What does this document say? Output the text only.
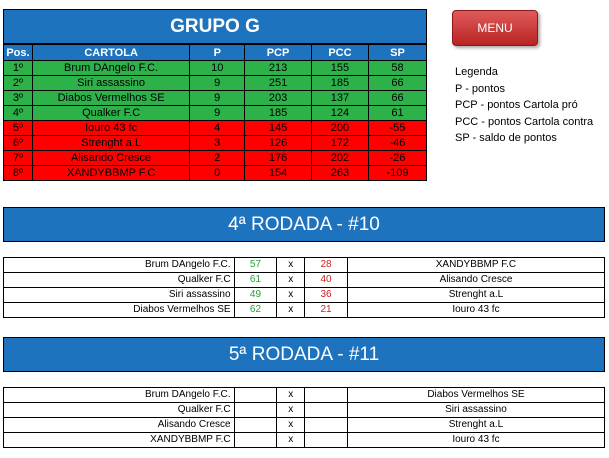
GRUPO G	MENU
Pos.	CARTOLA	P	PCP	PCC	SP
1º	Brum DAngelo F.C.	10	213	155	58
2º	Siri assassino	9	251	185	66
3º	Diabos Vermelhos SE	9	203	137	66
4º	Qualker F.C	9	185	124	61
5º	Iouro 43 fc	4	145	200	-55
6º	Strenght a.L	3	126	172	-46
7º	Alisando Cresce	2	176	202	-26
8º	XANDYBBMP F.C	0	154	263	-109
Legenda
P - pontos
PCP - pontos Cartola pró
PCC - pontos Cartola contra
SP - saldo de pontos
4ª RODADA - #10
Brum DAngelo F.C.	57	x	28	XANDYBBMP F.C
Qualker F.C	61	x	40	Alisando Cresce
Siri assassino	49	x	36	Strenght a.L
Diabos Vermelhos SE	62	x	21	Iouro 43 fc
5ª RODADA - #11
Brum DAngelo F.C.		x		Diabos Vermelhos SE
Qualker F.C		x		Siri assassino
Alisando Cresce		x		Strenght a.L
XANDYBBMP F.C		x		Iouro 43 fc
